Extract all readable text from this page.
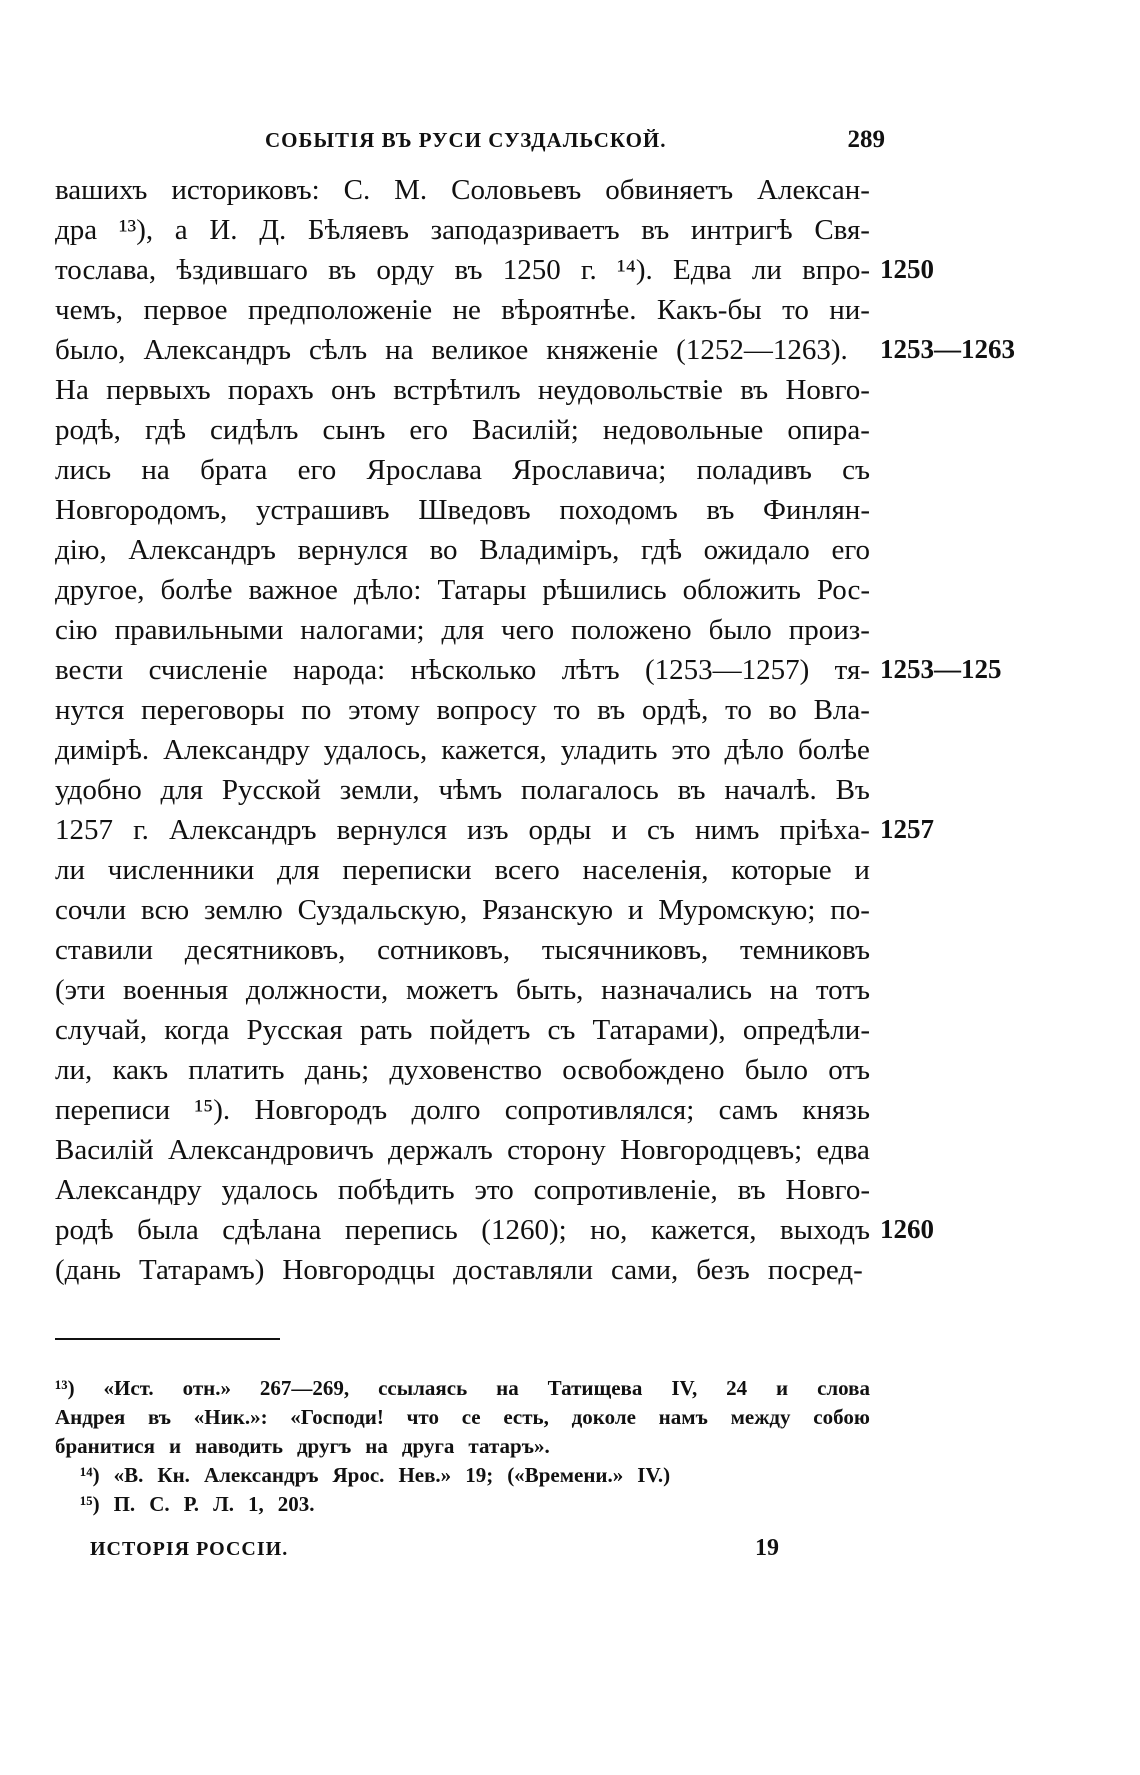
СОБЫТІЯ ВЪ РУСИ СУЗДАЛЬСКОЙ.	289
вашихъ историковъ: С. М. Соловьевъ обвиняетъ Алексан-
дра ¹³), а И. Д. Бѣляевъ заподазриваетъ въ интригѣ Свя-
тослава, ѣздившаго въ орду въ 1250 г. ¹⁴). Едва ли впро-
чемъ, первое предположеніе не вѣроятнѣе. Какъ-бы то ни-
было, Александръ сѣлъ на великое княженіе (1252—1263).
На первыхъ порахъ онъ встрѣтилъ неудовольствіе въ Новго-
родѣ, гдѣ сидѣлъ сынъ его Василій; недовольные опира-
лись на брата его Ярослава Ярославича; поладивъ съ
Новгородомъ, устрашивъ Шведовъ походомъ въ Финлян-
дію, Александръ вернулся во Владиміръ, гдѣ ожидало его
другое, болѣе важное дѣло: Татары рѣшились обложить Рос-
сію правильными налогами; для чего положено было произ-
вести счисленіе народа: нѣсколько лѣтъ (1253—1257) тя-
нутся переговоры по этому вопросу то въ ордѣ, то во Вла-
димірѣ. Александру удалось, кажется, уладить это дѣло болѣе
удобно для Русской земли, чѣмъ полагалось въ началѣ. Въ
1257 г. Александръ вернулся изъ орды и съ нимъ пріѣха-
ли численники для переписки всего населенія, которые и
сочли всю землю Суздальскую, Рязанскую и Муромскую; по-
ставили десятниковъ, сотниковъ, тысячниковъ, темниковъ
(эти военныя должности, можетъ быть, назначались на тотъ
случай, когда Русская рать пойдетъ съ Татарами), опредѣли-
ли, какъ платить дань; духовенство освобождено было отъ
переписи ¹⁵). Новгородъ долго сопротивлялся; самъ князь
Василій Александровичъ держалъ сторону Новгородцевъ; едва
Александру удалось побѣдить это сопротивленіе, въ Новго-
родѣ была сдѣлана перепись (1260); но, кажется, выходъ
(дань Татарамъ) Новгородцы доставляли сами, безъ посред-
1250
1253—1263
1253—125
1257
1260
¹³) «Ист. отн.» 267—269, ссылаясь на Татищева IV, 24 и слова
Андрея въ «Ник.»: «Господи! что се есть, доколе намъ между собою
бранитися и наводить другъ на друга татаръ».
¹⁴) «В. Кн. Александръ Ярос. Нев.» 19; («Времени.» IV.)
¹⁵) П. С. Р. Л. 1, 203.
ИСТОРІЯ РОССІИ.	19
